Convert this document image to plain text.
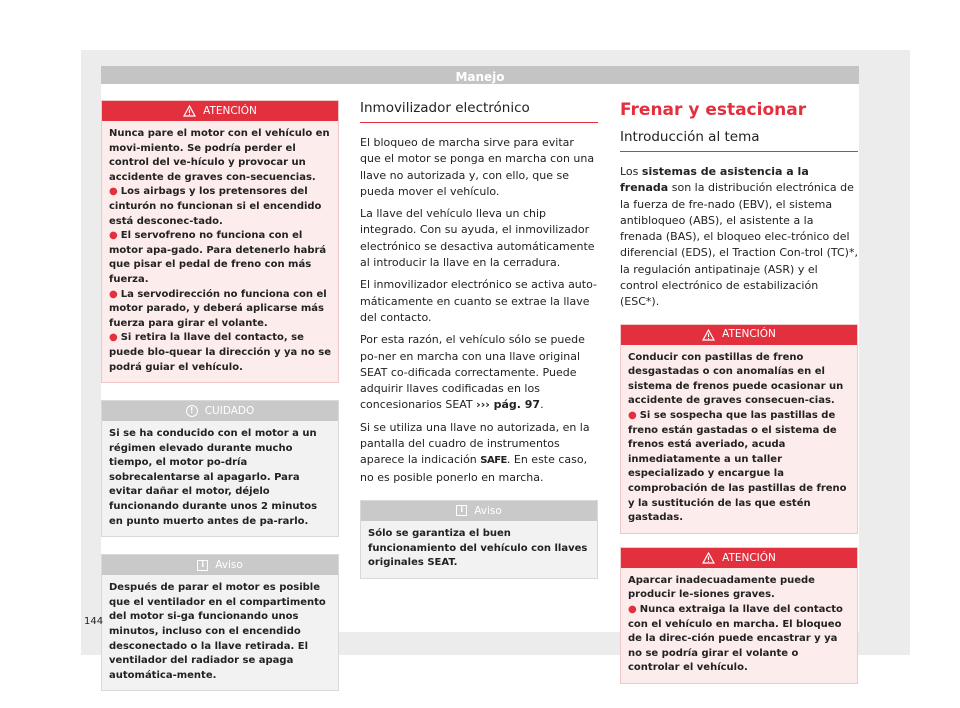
Manejo
ATENCIÓN

Nunca pare el motor con el vehículo en movi-miento. Se podría perder el control del ve-hículo y provocar un accidente de graves con-secuencias.

● Los airbags y los pretensores del cinturón no funcionan si el encendido está desconec-tado.

● El servofreno no funciona con el motor apa-gado. Para detenerlo habrá que pisar el pedal de freno con más fuerza.

● La servodirección no funciona con el motor parado, y deberá aplicarse más fuerza para girar el volante.

● Si retira la llave del contacto, se puede blo-quear la dirección y ya no se podrá guiar el vehículo.

!	CUIDADO

Si se ha conducido con el motor a un régimen elevado durante mucho tiempo, el motor po-dría sobrecalentarse al apagarlo. Para evitar dañar el motor, déjelo funcionando durante unos 2 minutos en punto muerto antes de pa-rarlo.

i	Aviso

Después de parar el motor es posible que el ventilador en el compartimento del motor si-ga funcionando unos minutos, incluso con el encendido desconectado o la llave retirada. El ventilador del radiador se apaga automática-mente.

Inmovilizador electrónico

El bloqueo de marcha sirve para evitar que el motor se ponga en marcha con una llave no autorizada y, con ello, que se pueda mover el vehículo.

La llave del vehículo lleva un chip integrado. Con su ayuda, el inmovilizador electrónico se desactiva automáticamente al introducir la llave en la cerradura.

El inmovilizador electrónico se activa auto-máticamente en cuanto se extrae la llave del contacto.

Por esta razón, el vehículo sólo se puede po-ner en marcha con una llave original SEAT co-dificada correctamente. Puede adquirir llaves codificadas en los concesionarios SEAT ››› pág. 97.

Si se utiliza una llave no autorizada, en la pantalla del cuadro de instrumentos aparece la indicación SAFE. En este caso, no es posible ponerlo en marcha.

i	Aviso

Sólo se garantiza el buen funcionamiento del vehículo con llaves originales SEAT.

Frenar y estacionar
Introducción al tema

Los sistemas de asistencia a la frenada son la distribución electrónica de la fuerza de fre-nado (EBV), el sistema antibloqueo (ABS), el asistente a la frenada (BAS), el bloqueo elec-trónico del diferencial (EDS), el Traction Con-trol (TC)*, la regulación antipatinaje (ASR) y el control electrónico de estabilización (ESC*).

ATENCIÓN

Conducir con pastillas de freno desgastadas o con anomalías en el sistema de frenos puede ocasionar un accidente de graves consecuen-cias.

● Si se sospecha que las pastillas de freno están gastadas o el sistema de frenos está averiado, acuda inmediatamente a un taller especializado y encargue la comprobación de las pastillas de freno y la sustitución de las que estén gastadas.

ATENCIÓN

Aparcar inadecuadamente puede producir le-siones graves.

● Nunca extraiga la llave del contacto con el vehículo en marcha. El bloqueo de la direc-ción puede encastrar y ya no se podría girar el volante o controlar el vehículo.

144
